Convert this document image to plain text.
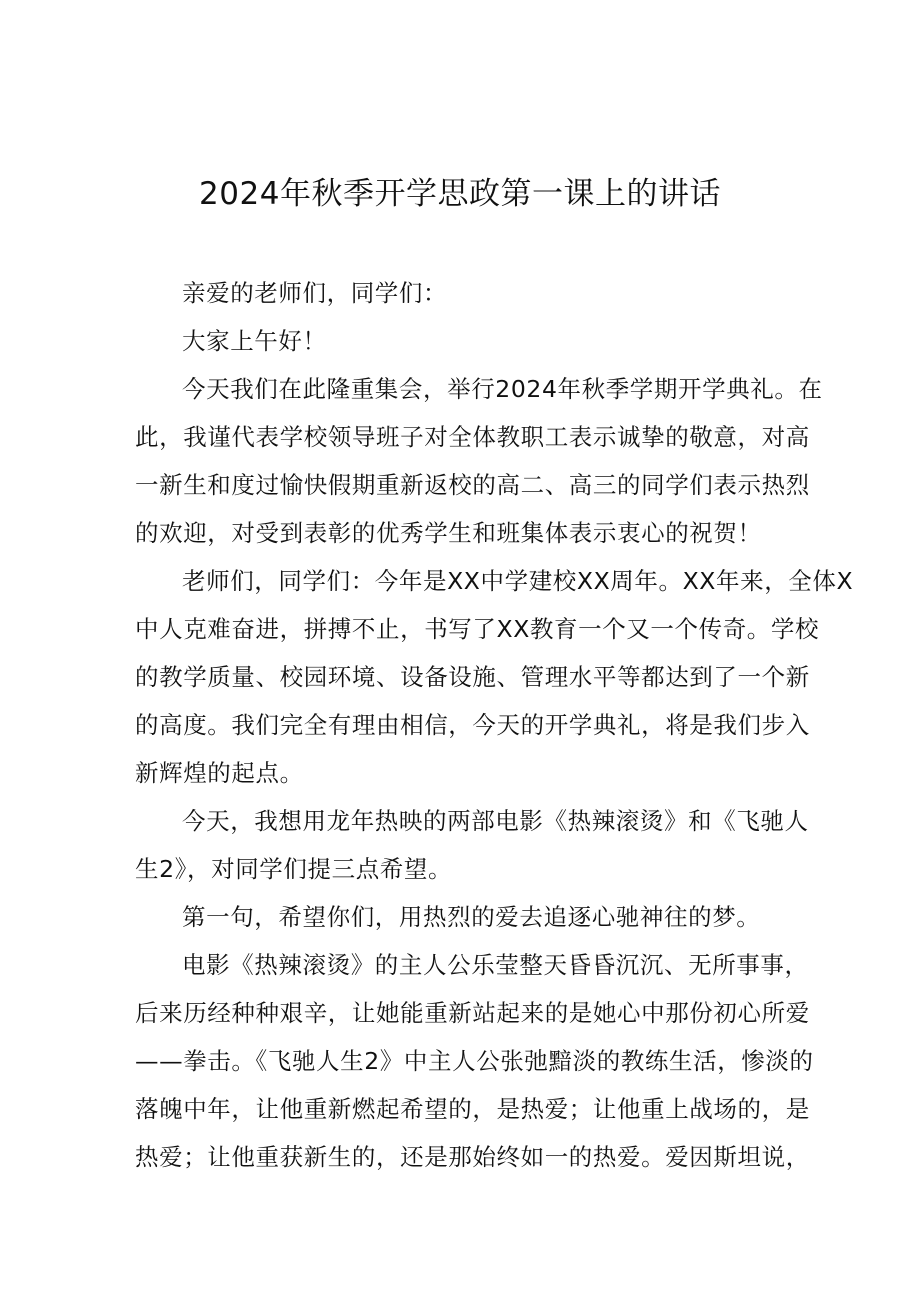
2024年秋季开学思政第一课上的讲话
亲爱的老师们，同学们：
大家上午好！
今天我们在此隆重集会，举行2024年秋季学期开学典礼。在
此，我谨代表学校领导班子对全体教职工表示诚挚的敬意，对高
一新生和度过愉快假期重新返校的高二、高三的同学们表示热烈
的欢迎，对受到表彰的优秀学生和班集体表示衷心的祝贺！
老师们，同学们：今年是XX中学建校XX周年。XX年来，全体X
中人克难奋进，拼搏不止，书写了XX教育一个又一个传奇。学校
的教学质量、校园环境、设备设施、管理水平等都达到了一个新
的高度。我们完全有理由相信，今天的开学典礼，将是我们步入
新辉煌的起点。
今天，我想用龙年热映的两部电影《热辣滚烫》和《飞驰人
生2》，对同学们提三点希望。
第一句，希望你们，用热烈的爱去追逐心驰神往的梦。
电影《热辣滚烫》的主人公乐莹整天昏昏沉沉、无所事事，
后来历经种种艰辛，让她能重新站起来的是她心中那份初心所爱
——拳击。《飞驰人生2》中主人公张弛黯淡的教练生活，惨淡的
落魄中年，让他重新燃起希望的，是热爱；让他重上战场的，是
热爱；让他重获新生的，还是那始终如一的热爱。爱因斯坦说，
